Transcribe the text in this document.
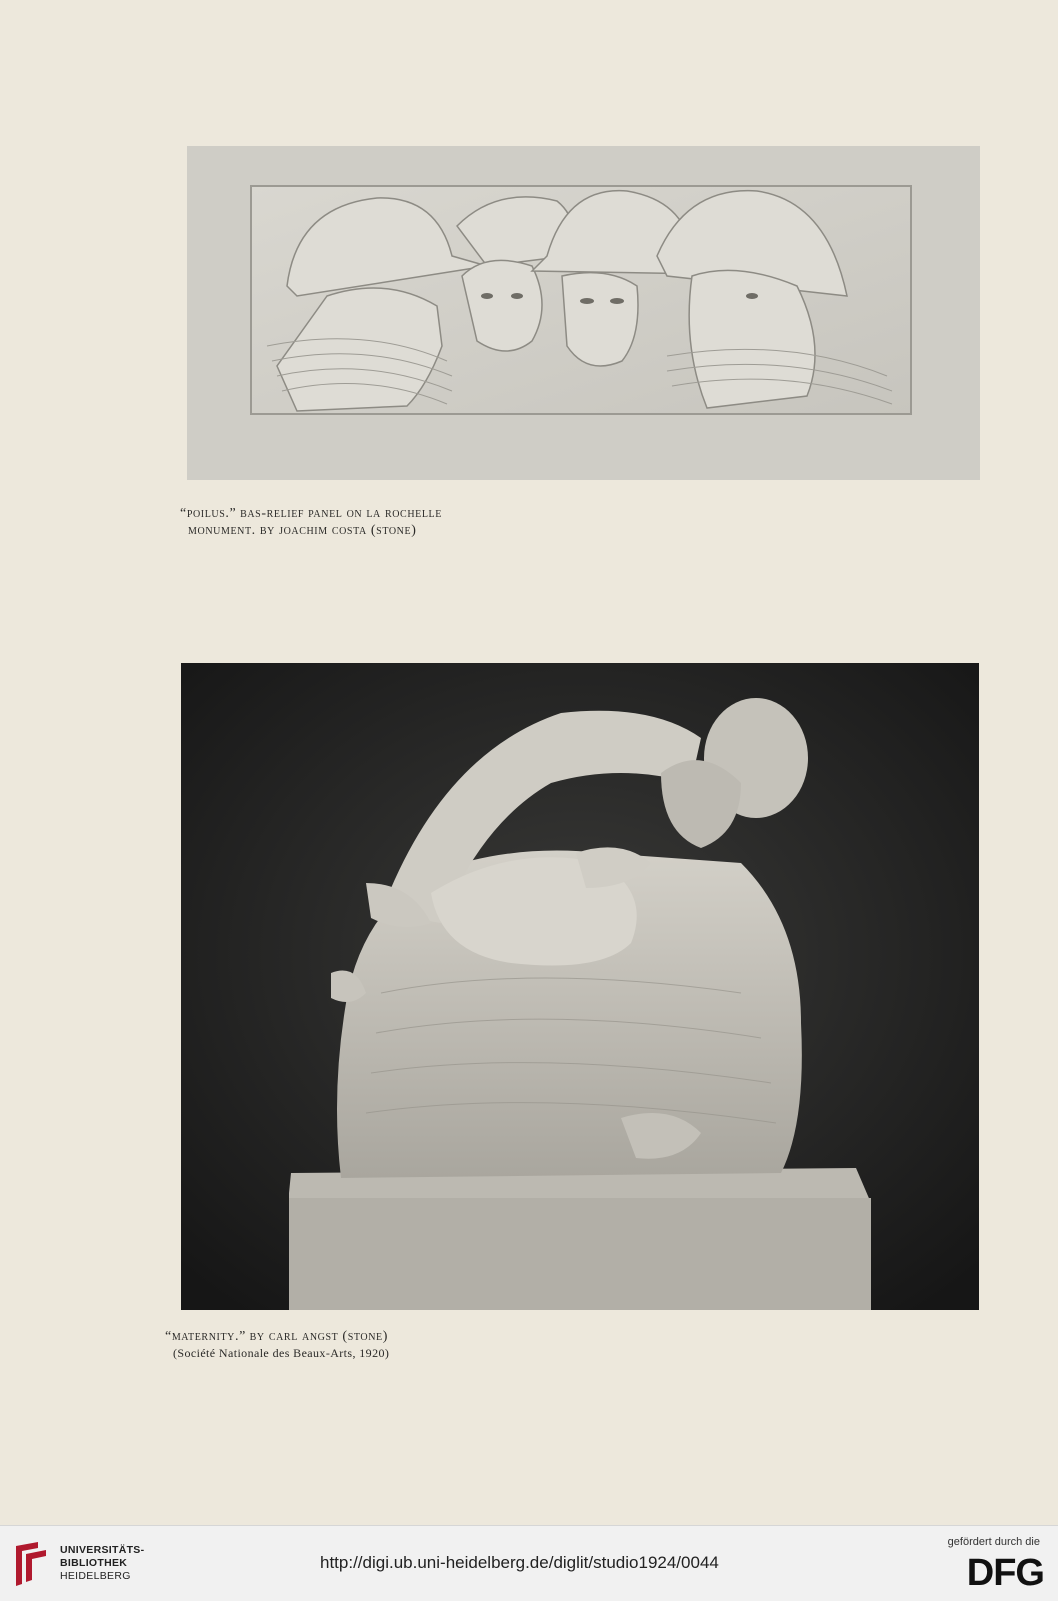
“poilus.” bas-relief panel on la rochelle
monument. by joachim costa (stone)
“maternity.” by carl angst (stone)
(Société Nationale des Beaux-Arts, 1920)
UNIVERSITÄTS-
BIBLIOTHEK
HEIDELBERG
http://digi.ub.uni-heidelberg.de/diglit/studio1924/0044
gefördert durch die
DFG
